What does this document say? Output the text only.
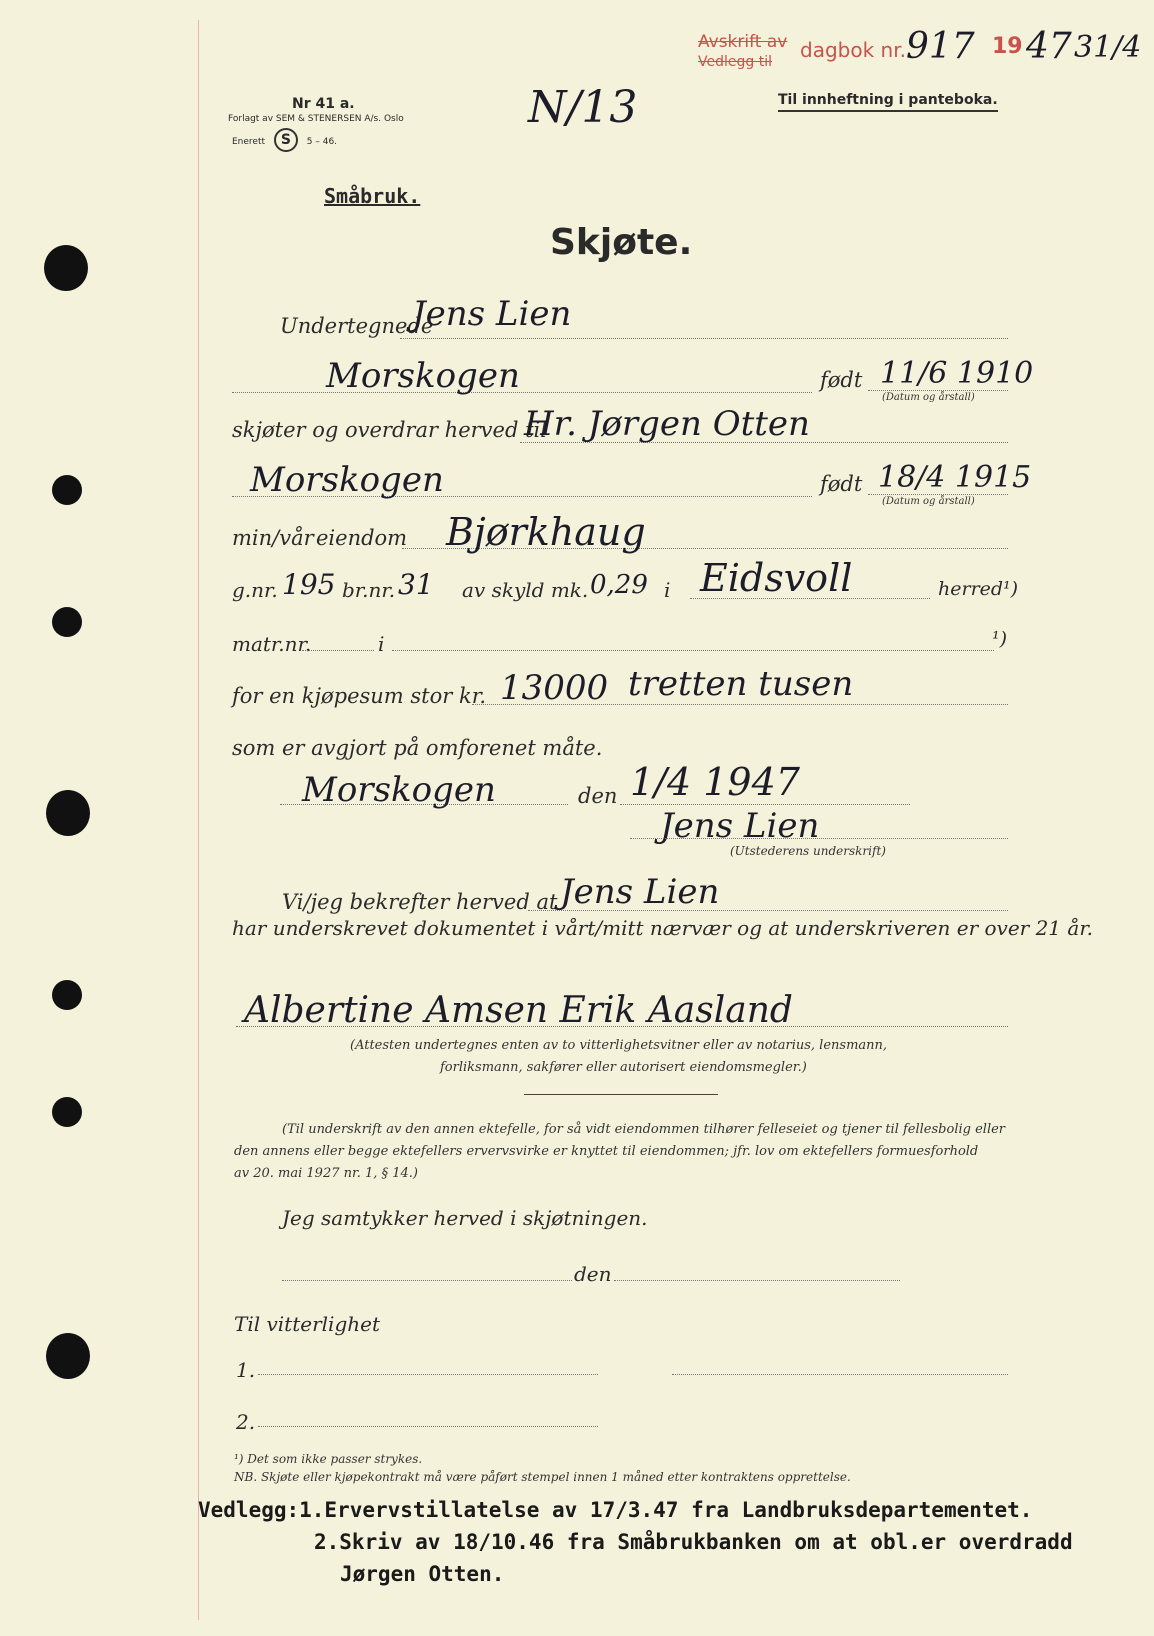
Nr 41 a.
Forlagt av SEM & STENERSEN A/s. Oslo
Enerett S 5 – 46.
N/13
Avskrift av
Vedlegg til dagbok nr. 917 19 47 31/4
Til innheftning i panteboka.
Småbruk.
Skjøte.
Undertegnede
Jens Lien
Morskogen	født 11/6 1910
(Datum og årstall)
skjøter og overdrar herved til
Hr. Jørgen Otten
Morskogen	født 18/4 1915
(Datum og årstall)
min/vår eiendom Bjørkhaug
g.nr. 195 br.nr. 31 av skyld mk. 0,29 i Eidsvoll	herred¹)
matr.nr.	i	¹)
for en kjøpesum stor kr. 13000 tretten tusen
som er avgjort på omforenet måte.
Morskogen	den 1/4 1947
Jens Lien
(Utstederens underskrift)
Vi/jeg bekrefter herved at Jens Lien
har underskrevet dokumentet i vårt/mitt nærvær og at underskriveren er over 21 år.
Albertine Amsen Erik Aasland
(Attesten undertegnes enten av to vitterlighetsvitner eller av notarius, lensmann,
forliksmann, sakfører eller autorisert eiendomsmegler.)
(Til underskrift av den annen ektefelle, for så vidt eiendommen tilhører felleseiet og tjener til fellesbolig eller
den annens eller begge ektefellers ervervsvirke er knyttet til eiendommen; jfr. lov om ektefellers formuesforhold
av 20. mai 1927 nr. 1, § 14.)
Jeg samtykker herved i skjøtningen.
den
Til vitterlighet
1.
2.
¹) Det som ikke passer strykes.
NB. Skjøte eller kjøpekontrakt må være påført stempel innen 1 måned etter kontraktens opprettelse.
Vedlegg:1.Ervervstillatelse av 17/3.47 fra Landbruksdepartementet.
2.Skriv av 18/10.46 fra Småbrukbanken om at obl.er overdradd
Jørgen Otten.
